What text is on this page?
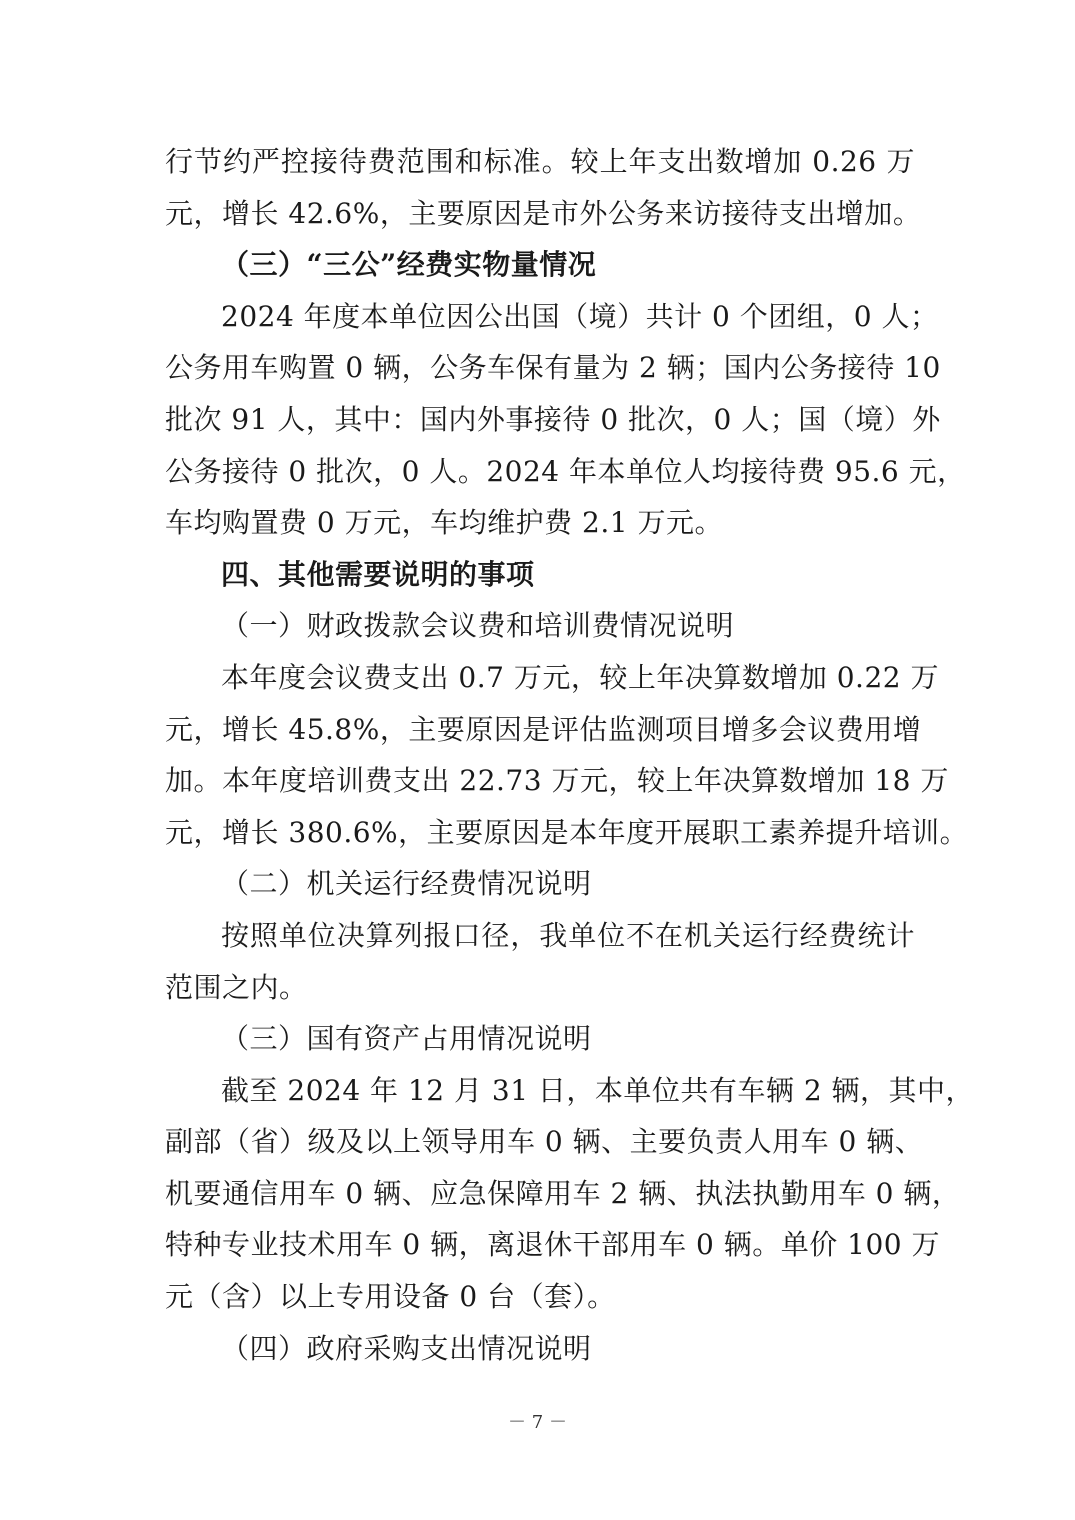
行节约严控接待费范围和标准。较上年支出数增加 0.26 万
元，增长 42.6%，主要原因是市外公务来访接待支出增加。
（三）“三公”经费实物量情况
2024 年度本单位因公出国（境）共计 0 个团组，0 人；
公务用车购置 0 辆，公务车保有量为 2 辆；国内公务接待 10
批次 91 人，其中：国内外事接待 0 批次，0 人；国（境）外
公务接待 0 批次，0 人。2024 年本单位人均接待费 95.6 元，
车均购置费 0 万元，车均维护费 2.1 万元。
四、其他需要说明的事项
（一）财政拨款会议费和培训费情况说明
本年度会议费支出 0.7 万元，较上年决算数增加 0.22 万
元，增长 45.8%，主要原因是评估监测项目增多会议费用增
加。本年度培训费支出 22.73 万元，较上年决算数增加 18 万
元，增长 380.6%，主要原因是本年度开展职工素养提升培训。
（二）机关运行经费情况说明
按照单位决算列报口径，我单位不在机关运行经费统计
范围之内。
（三）国有资产占用情况说明
截至 2024 年 12 月 31 日，本单位共有车辆 2 辆，其中，
副部（省）级及以上领导用车 0 辆、主要负责人用车 0 辆、
机要通信用车 0 辆、应急保障用车 2 辆、执法执勤用车 0 辆，
特种专业技术用车 0 辆，离退休干部用车 0 辆。单价 100 万
元（含）以上专用设备 0 台（套）。
（四）政府采购支出情况说明
－ 7 －
